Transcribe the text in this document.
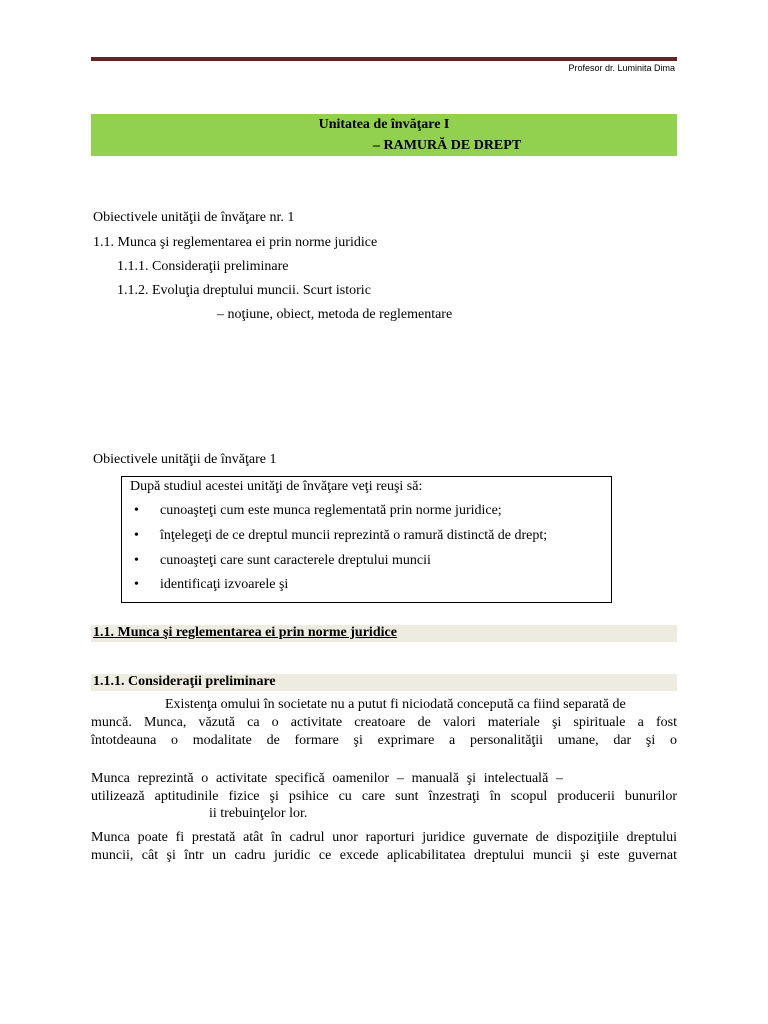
Profesor dr. Luminita Dima
Unitatea de învăţare I
– RAMURĂ DE DREPT
Obiectivele unităţii de învăţare nr. 1
1.1. Munca şi reglementarea ei prin norme juridice
1.1.1. Consideraţii preliminare
1.1.2. Evoluţia dreptului muncii. Scurt istoric
– noţiune, obiect, metoda de reglementare
Obiectivele unităţii de învăţare 1
După studiul acestei unităţi de învăţare veţi reuşi să:
• cunoaşteţi cum este munca reglementată prin norme juridice;
• înţelegeţi de ce dreptul muncii reprezintă o ramură distinctă de drept;
• cunoaşteţi care sunt caracterele dreptului muncii
• identificaţi izvoarele şi
1.1. Munca şi reglementarea ei prin norme juridice
1.1.1. Consideraţii preliminare
Existenţa omului în societate nu a putut fi niciodată concepută ca fiind separată de
muncă. Munca, văzută ca o activitate creatoare de valori materiale şi spirituale a fost
întotdeauna o modalitate de formare şi exprimare a personalităţii umane, dar şi o
Munca reprezintă o activitate specifică oamenilor – manuală şi intelectuală –
utilizează aptitudinile fizice şi psihice cu care sunt înzestraţi în scopul producerii bunurilor
ii trebuinţelor lor.
Munca poate fi prestată atât în cadrul unor raporturi juridice guvernate de dispoziţiile dreptului
muncii, cât şi într un cadru juridic ce excede aplicabilitatea dreptului muncii şi este guvernat
